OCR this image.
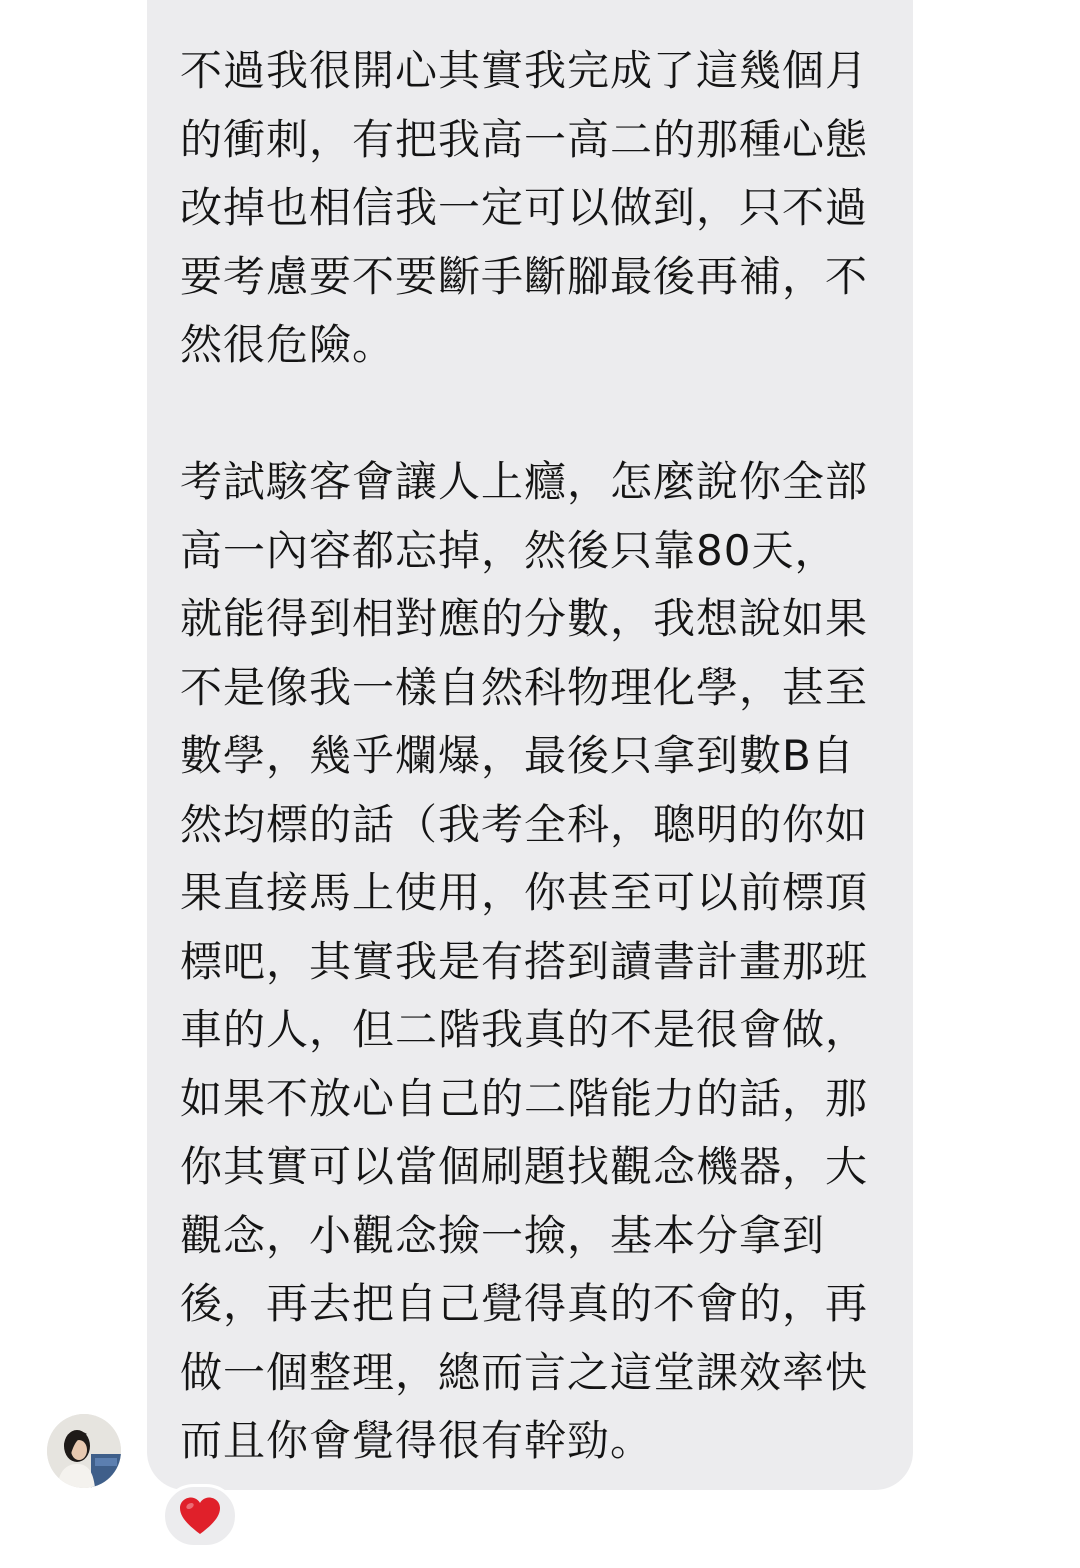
不過我很開心其實我完成了這幾個月
的衝刺，有把我高一高二的那種心態
改掉也相信我一定可以做到，只不過
要考慮要不要斷手斷腳最後再補，不
然很危險。
考試駭客會讓人上癮，怎麼說你全部
高一內容都忘掉，然後只靠80天，
就能得到相對應的分數，我想說如果
不是像我一樣自然科物理化學，甚至
數學，幾乎爛爆，最後只拿到數B自
然均標的話（我考全科，聰明的你如
果直接馬上使用，你甚至可以前標頂
標吧，其實我是有搭到讀書計畫那班
車的人，但二階我真的不是很會做，
如果不放心自己的二階能力的話，那
你其實可以當個刷題找觀念機器，大
觀念，小觀念撿一撿，基本分拿到
後，再去把自己覺得真的不會的，再
做一個整理，總而言之這堂課效率快
而且你會覺得很有幹勁。
